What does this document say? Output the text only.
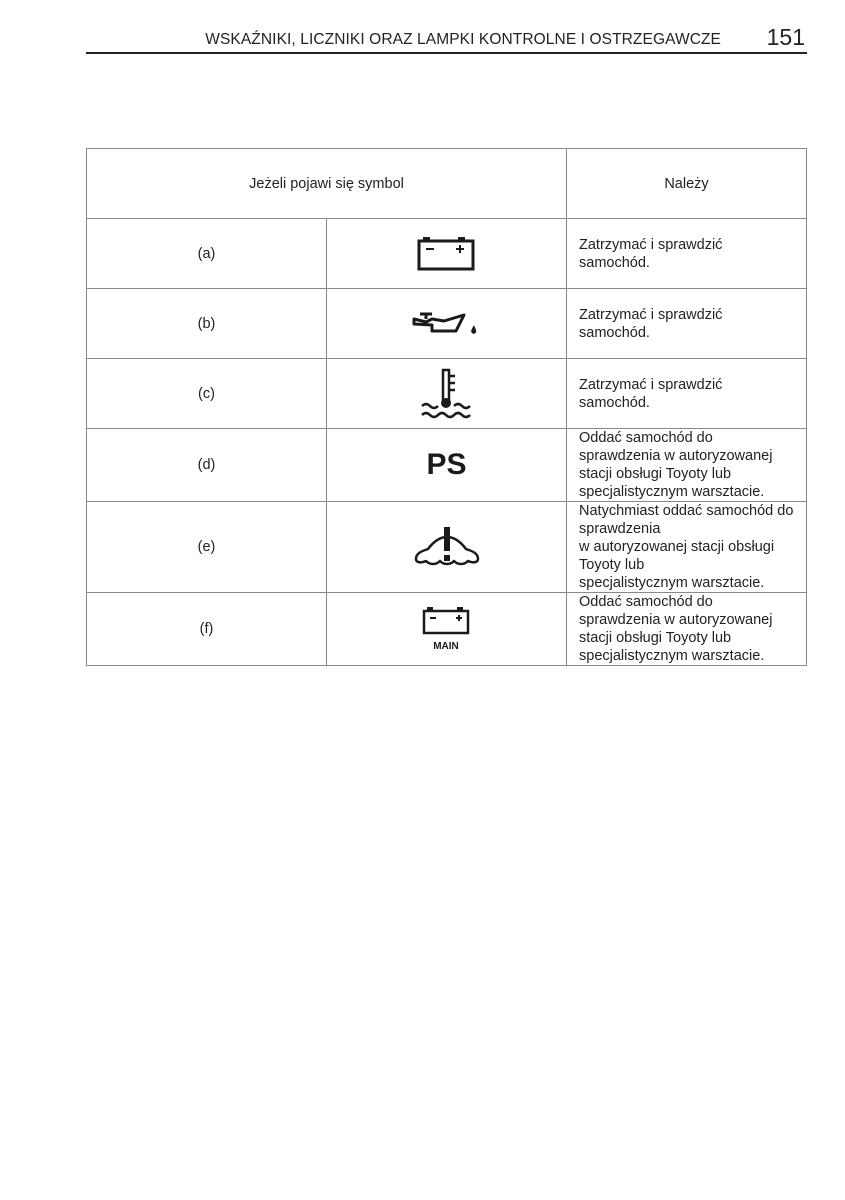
WSKAŹNIKI, LICZNIKI ORAZ LAMPKI KONTROLNE I OSTRZEGAWCZE 151
Jeżeli pojawi się symbol		Należy
(a)		Zatrzymać i sprawdzić samochód.
(b)		Zatrzymać i sprawdzić samochód.
(c)		Zatrzymać i sprawdzić samochód.
(d)	PS	Oddać samochód do sprawdzenia w autoryzowanej stacji obsługi Toyoty lub specjalistycznym warsztacie.
(e)		Natychmiast oddać samochód do sprawdzenia
w autoryzowanej stacji obsługi Toyoty lub
specjalistycznym warsztacie.
(f)	MAIN	Oddać samochód do sprawdzenia w autoryzowanej stacji obsługi Toyoty lub specjalistycznym warsztacie.
